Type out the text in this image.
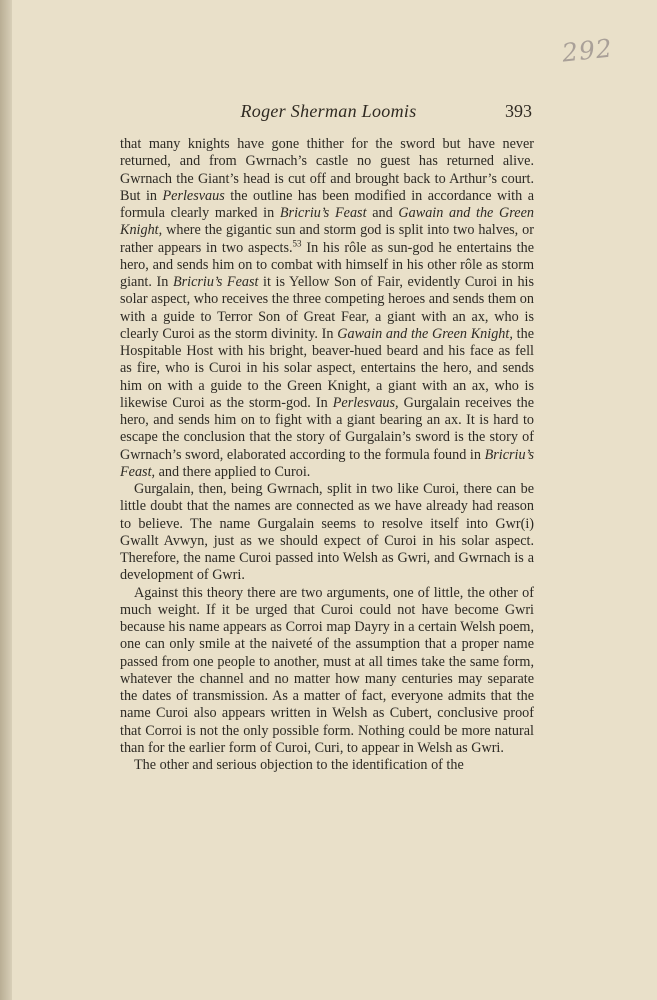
292
Roger Sherman Loomis	393

that many knights have gone thither for the sword but have never returned, and from Gwrnach’s castle no guest has returned alive. Gwrnach the Giant’s head is cut off and brought back to Arthur’s court. But in Perlesvaus the outline has been modified in accordance with a formula clearly marked in Bricriu’s Feast and Gawain and the Green Knight, where the gigantic sun and storm god is split into two halves, or rather appears in two aspects.$^{53}$ In his rôle as sun-god he entertains the hero, and sends him on to combat with himself in his other rôle as storm giant. In Bricriu’s Feast it is Yellow Son of Fair, evidently Curoi in his solar aspect, who receives the three competing heroes and sends them on with a guide to Terror Son of Great Fear, a giant with an ax, who is clearly Curoi as the storm divinity. In Gawain and the Green Knight, the Hospitable Host with his bright, beaver-hued beard and his face as fell as fire, who is Curoi in his solar aspect, entertains the hero, and sends him on with a guide to the Green Knight, a giant with an ax, who is likewise Curoi as the storm-god. In Perlesvaus, Gurgalain receives the hero, and sends him on to fight with a giant bearing an ax. It is hard to escape the conclusion that the story of Gurgalain’s sword is the story of Gwrnach’s sword, elaborated according to the formula found in Bricriu’s Feast, and there applied to Curoi.

Gurgalain, then, being Gwrnach, split in two like Curoi, there can be little doubt that the names are connected as we have already had reason to believe. The name Gurgalain seems to resolve itself into Gwr(i) Gwallt Avwyn, just as we should expect of Curoi in his solar aspect. Therefore, the name Curoi passed into Welsh as Gwri, and Gwrnach is a development of Gwri.

Against this theory there are two arguments, one of little, the other of much weight. If it be urged that Curoi could not have become Gwri because his name appears as Corroi map Dayry in a certain Welsh poem, one can only smile at the naiveté of the assumption that a proper name passed from one people to another, must at all times take the same form, whatever the channel and no matter how many centuries may separate the dates of transmission. As a matter of fact, everyone admits that the name Curoi also appears written in Welsh as Cubert, conclusive proof that Corroi is not the only possible form. Nothing could be more natural than for the earlier form of Curoi, Curi, to appear in Welsh as Gwri.

The other and serious objection to the identification of the
